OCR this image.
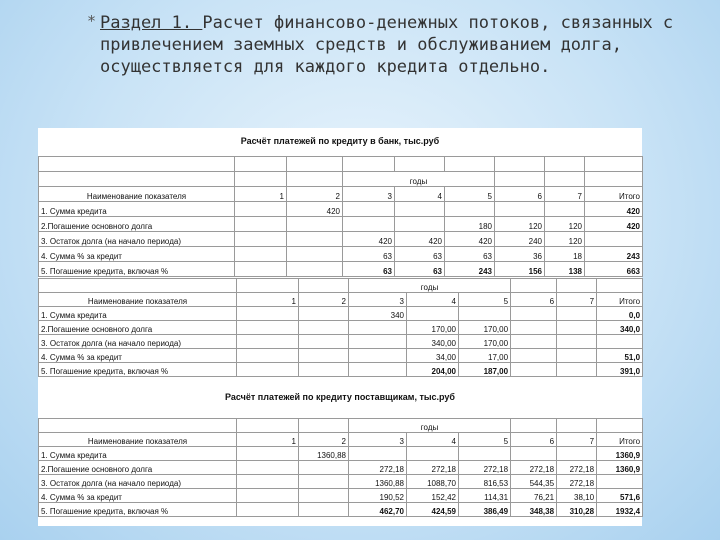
* Раздел 1. Расчет финансово-денежных потоков, связанных с привлечением заемных средств и обслуживанием долга, осуществляется для каждого кредита отдельно.
Расчёт платежей по кредиту в банк, тыс.руб

			годы					
Наименование показателя	1	2	3	4	5	6	7	Итого
1. Сумма кредита		420						420
2.Погашение основного долга					180	120	120	420
3. Остаток долга (на начало периода)			420	420	420	240	120	
4. Сумма % за кредит			63	63	63	36	18	243
5. Погашение кредита, включая %			63	63	243	156	138	663
			годы					
Наименование показателя	1	2	3	4	5	6	7	Итого
1. Сумма кредита			340					0,0
2.Погашение основного долга				170,00	170,00			340,0
3. Остаток долга (на начало периода)				340,00	170,00			
4. Сумма % за кредит				34,00	17,00			51,0
5. Погашение кредита, включая %				204,00	187,00			391,0
Расчёт платежей по кредиту поставщикам, тыс.руб
			годы					
Наименование показателя	1	2	3	4	5	6	7	Итого
1. Сумма кредита		1360,88						1360,9
2.Погашение основного долга			272,18	272,18	272,18	272,18	272,18	1360,9
3. Остаток долга (на начало периода)			1360,88	1088,70	816,53	544,35	272,18	
4. Сумма % за кредит			190,52	152,42	114,31	76,21	38,10	571,6
5. Погашение кредита, включая %			462,70	424,59	386,49	348,38	310,28	1932,4
